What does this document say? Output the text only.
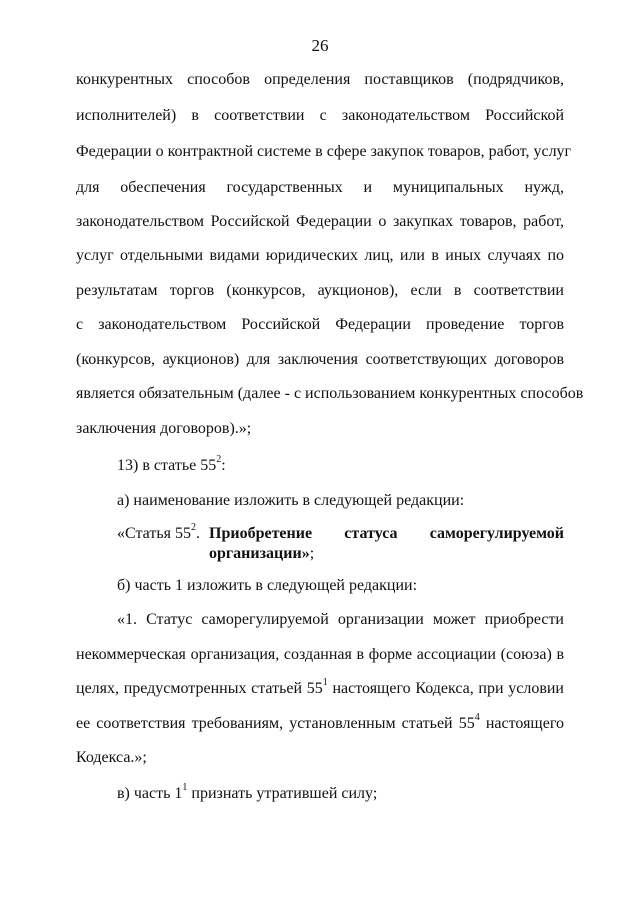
26
конкурентных способов определения поставщиков (подрядчиков,
исполнителей) в соответствии с законодательством Российской
Федерации о контрактной системе в сфере закупок товаров, работ, услуг
для обеспечения государственных и муниципальных нужд,
законодательством Российской Федерации о закупках товаров, работ,
услуг отдельными видами юридических лиц, или в иных случаях по
результатам торгов (конкурсов, аукционов), если в соответствии
с законодательством Российской Федерации проведение торгов
(конкурсов, аукционов) для заключения соответствующих договоров
является обязательным (далее - с использованием конкурентных способов
заключения договоров).»;
13) в статье $55^2$:
а) наименование изложить в следующей редакции:
«Статья $55^2$. Приобретение статуса саморегулируемой
организации»;
б) часть 1 изложить в следующей редакции:
«1. Статус саморегулируемой организации может приобрести
некоммерческая организация, созданная в форме ассоциации (союза) в
целях, предусмотренных статьей $55^1$ настоящего Кодекса, при условии
ее соответствия требованиям, установленным статьей $55^4$ настоящего
Кодекса.»;
в) часть $1^1$ признать утратившей силу;
